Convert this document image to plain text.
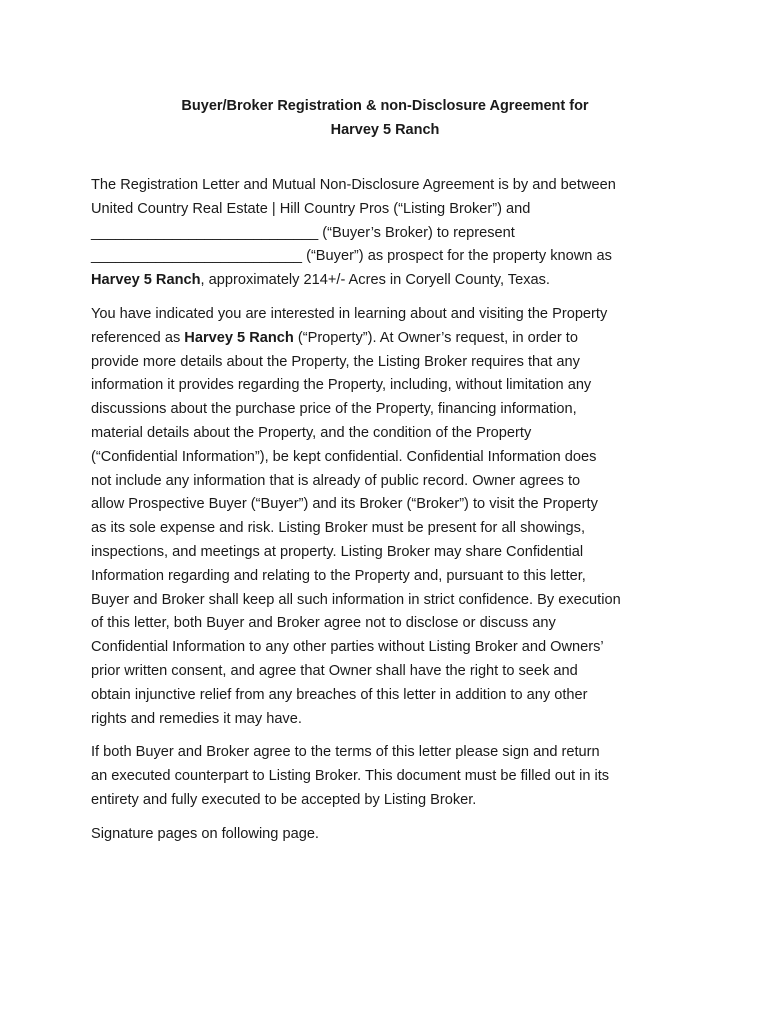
Buyer/Broker Registration & non-Disclosure Agreement for
Harvey 5 Ranch

The Registration Letter and Mutual Non-Disclosure Agreement is by and between
United Country Real Estate | Hill Country Pros (“Listing Broker”) and
____________________________ (“Buyer’s Broker) to represent
__________________________ (“Buyer”) as prospect for the property known as
Harvey 5 Ranch, approximately 214+/- Acres in Coryell County, Texas.

You have indicated you are interested in learning about and visiting the Property
referenced as Harvey 5 Ranch (“Property”). At Owner’s request, in order to
provide more details about the Property, the Listing Broker requires that any
information it provides regarding the Property, including, without limitation any
discussions about the purchase price of the Property, financing information,
material details about the Property, and the condition of the Property
(“Confidential Information”), be kept confidential. Confidential Information does
not include any information that is already of public record. Owner agrees to
allow Prospective Buyer (“Buyer”) and its Broker (“Broker”) to visit the Property
as its sole expense and risk. Listing Broker must be present for all showings,
inspections, and meetings at property. Listing Broker may share Confidential
Information regarding and relating to the Property and, pursuant to this letter,
Buyer and Broker shall keep all such information in strict confidence. By execution
of this letter, both Buyer and Broker agree not to disclose or discuss any
Confidential Information to any other parties without Listing Broker and Owners’
prior written consent, and agree that Owner shall have the right to seek and
obtain injunctive relief from any breaches of this letter in addition to any other
rights and remedies it may have.

If both Buyer and Broker agree to the terms of this letter please sign and return
an executed counterpart to Listing Broker. This document must be filled out in its
entirety and fully executed to be accepted by Listing Broker.

Signature pages on following page.
